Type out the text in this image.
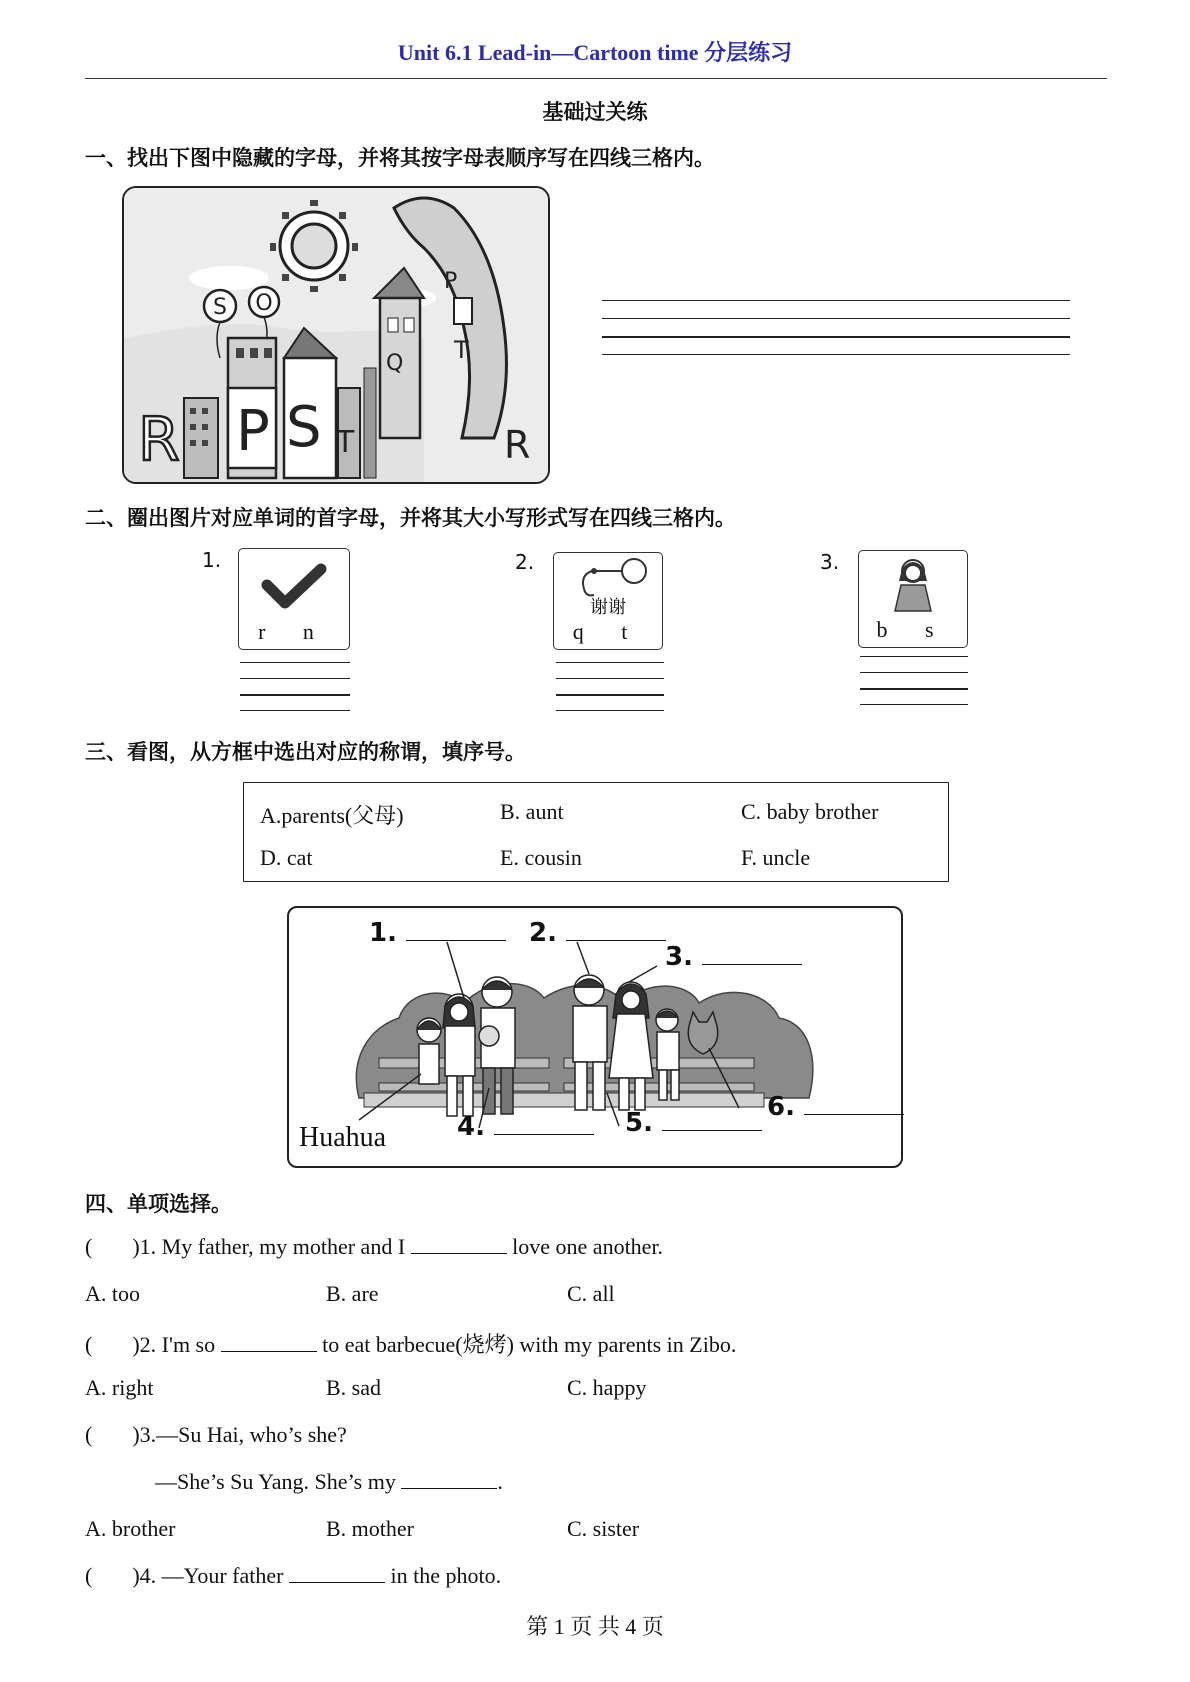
Unit 6.1 Lead-in—Cartoon time 分层练习
基础过关练
一、找出下图中隐藏的字母，并将其按字母表顺序写在四线三格内。
S O
P
Q T
P S T
R	R
二、圈出图片对应单词的首字母，并将其大小写形式写在四线三格内。
1.
r n
2.
谢谢
q t
3.
b s
三、看图，从方框中选出对应的称谓，填序号。
A.parents(父母)	B. aunt	C. baby brother
D. cat	E. cousin	F. uncle
1.	2.
3.
4.	5.
6.
Huahua
四、单项选择。
( )1. My father, my mother and I	love one another.
A. too	B. are	C. all
( )2. I'm so	to eat barbecue(烧烤) with my parents in Zibo.
A. right	B. sad	C. happy
( )3.—Su Hai, who’s she?
—She’s Su Yang. She’s my	.
A. brother	B. mother	C. sister
( )4. —Your father	in the photo.
第 1 页 共 4 页
